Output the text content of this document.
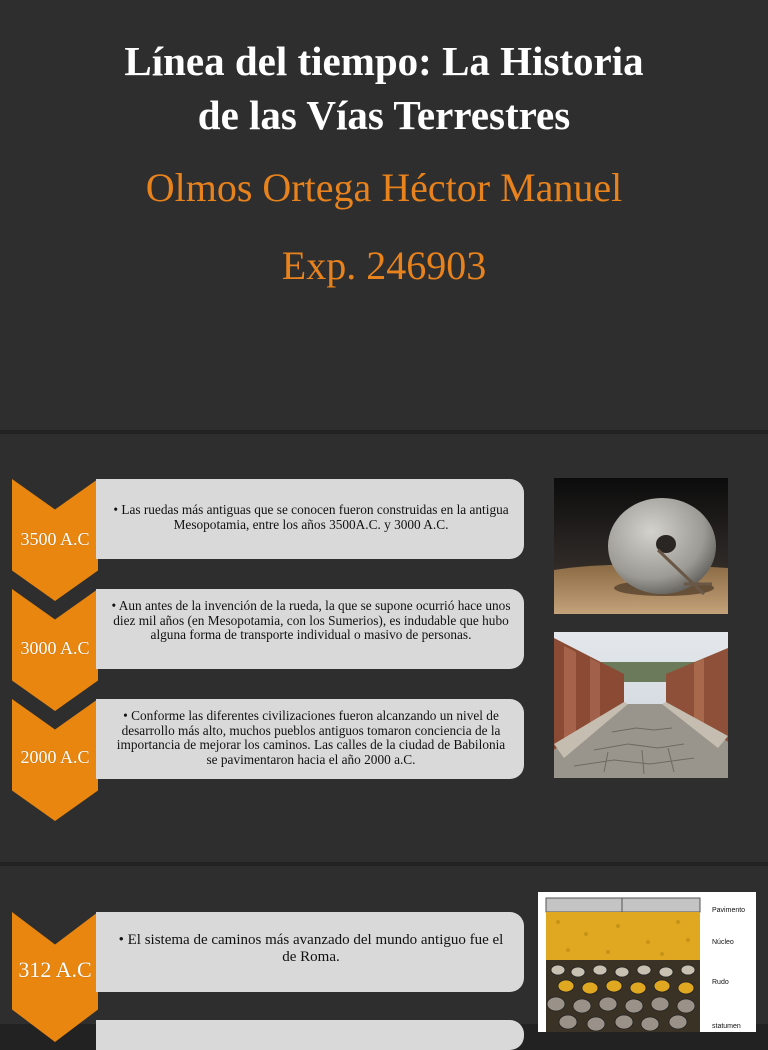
Línea del tiempo: La Historia
de las Vías Terrestres
Olmos Ortega Héctor Manuel
Exp. 246903
3500 A.C
• Las ruedas más antiguas que se conocen fueron construidas en la antigua Mesopotamia, entre los años 3500A.C. y 3000 A.C.
3000 A.C
• Aun antes de la invención de la rueda, la que se supone ocurrió hace unos diez mil años (en Mesopotamia, con los Sumerios), es indudable que hubo alguna forma de transporte individual o masivo de personas.
2000 A.C
• Conforme las diferentes civilizaciones fueron alcanzando un nivel de desarrollo más alto, muchos pueblos antiguos tomaron conciencia de la importancia de mejorar los caminos. Las calles de la ciudad de Babilonia se pavimentaron hacia el año 2000 a.C.
312 A.C
• El sistema de caminos más avanzado del mundo antiguo fue el de Roma.
Pavimento
Núcleo
Rudo
statumen
